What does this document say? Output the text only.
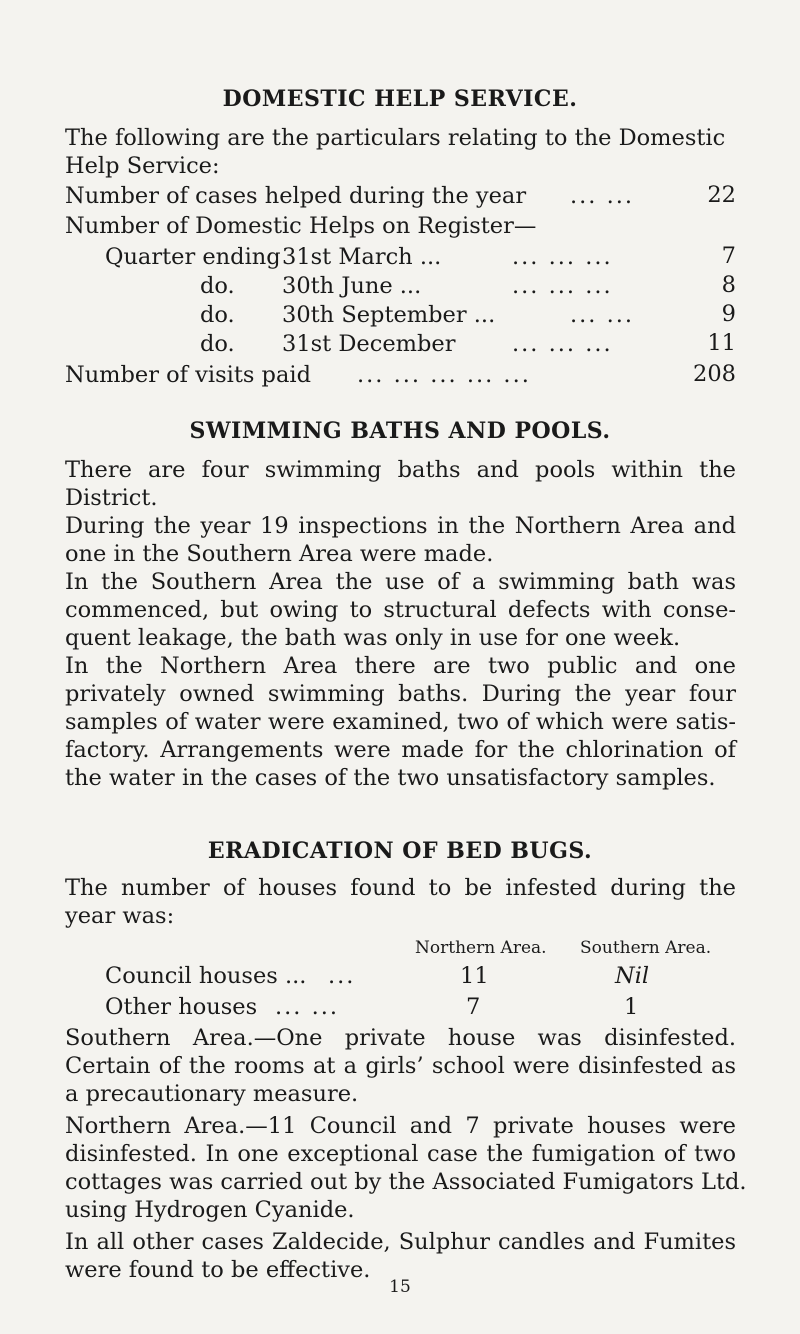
DOMESTIC HELP SERVICE.
The following are the particulars relating to the Domestic
Help Service:
Number of cases helped during the year ... ...	22
Number of Domestic Helps on Register—
Quarter ending 31st March ...	... ... ...	7
do. 30th June ...	... ... ...	8
do. 30th September ...	... ...	9
do. 31st December	... ... ...	11
Number of visits paid ... ... ... ... ...	208
SWIMMING BATHS AND POOLS.
There are four swimming baths and pools within the
District.
During the year 19 inspections in the Northern Area and
one in the Southern Area were made.
In the Southern Area the use of a swimming bath was
commenced, but owing to structural defects with conse-
quent leakage, the bath was only in use for one week.
In the Northern Area there are two public and one
privately owned swimming baths. During the year four
samples of water were examined, two of which were satis-
factory. Arrangements were made for the chlorination of
the water in the cases of the two unsatisfactory samples.
ERADICATION OF BED BUGS.
The number of houses found to be infested during the
year was:
Northern Area. Southern Area.
Council houses ... ...	11	Nil
Other houses ... ...	7	1
Southern Area.—One private house was disinfested.
Certain of the rooms at a girls’ school were disinfested as
a precautionary measure.
Northern Area.—11 Council and 7 private houses were
disinfested. In one exceptional case the fumigation of two
cottages was carried out by the Associated Fumigators Ltd.
using Hydrogen Cyanide.
In all other cases Zaldecide, Sulphur candles and Fumites
were found to be effective.
15
